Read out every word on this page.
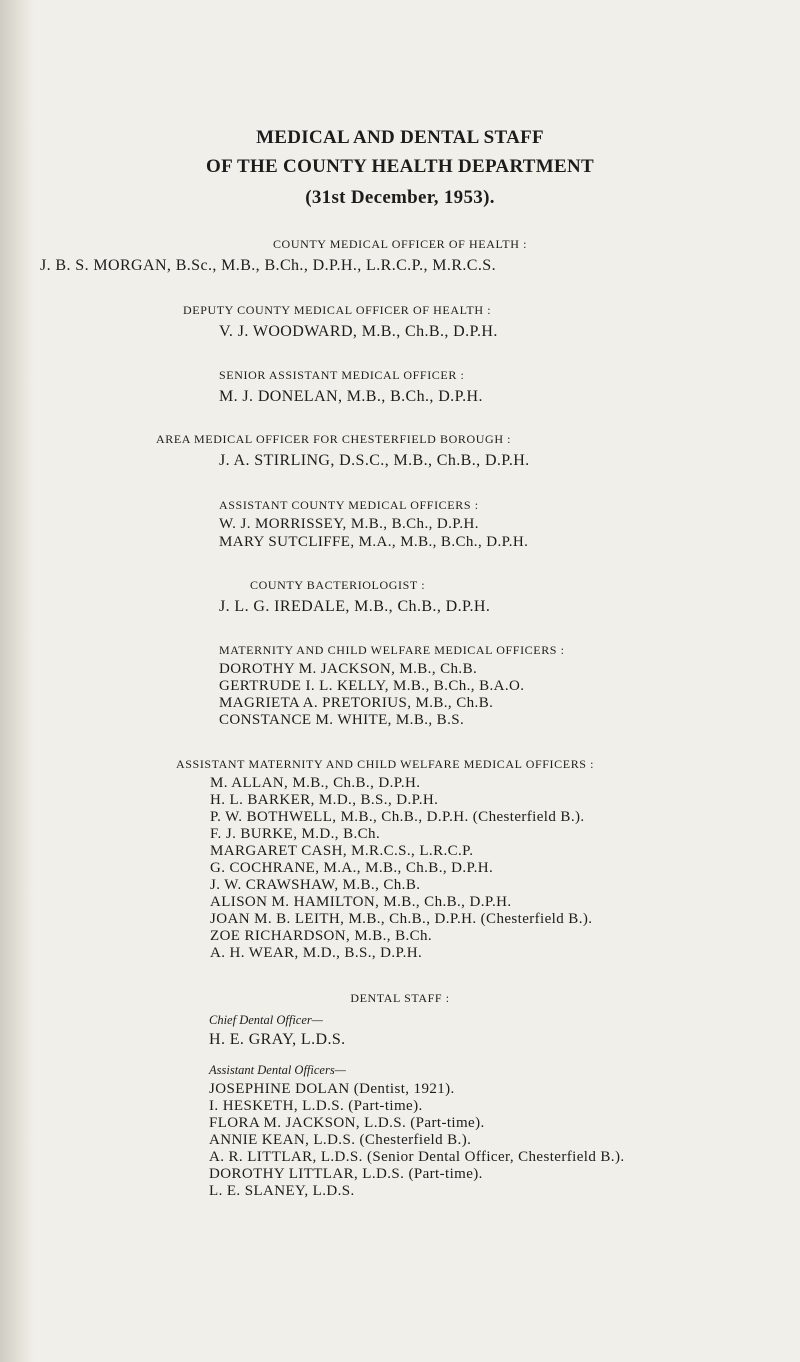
MEDICAL AND DENTAL STAFF
OF THE COUNTY HEALTH DEPARTMENT
(31st December, 1953).
COUNTY MEDICAL OFFICER OF HEALTH :
J. B. S. MORGAN, B.Sc., M.B., B.Ch., D.P.H., L.R.C.P., M.R.C.S.
DEPUTY COUNTY MEDICAL OFFICER OF HEALTH :
V. J. WOODWARD, M.B., Ch.B., D.P.H.
SENIOR ASSISTANT MEDICAL OFFICER :
M. J. DONELAN, M.B., B.Ch., D.P.H.
AREA MEDICAL OFFICER FOR CHESTERFIELD BOROUGH :
J. A. STIRLING, D.S.C., M.B., Ch.B., D.P.H.
ASSISTANT COUNTY MEDICAL OFFICERS :
W. J. MORRISSEY, M.B., B.Ch., D.P.H.
MARY SUTCLIFFE, M.A., M.B., B.Ch., D.P.H.
COUNTY BACTERIOLOGIST :
J. L. G. IREDALE, M.B., Ch.B., D.P.H.
MATERNITY AND CHILD WELFARE MEDICAL OFFICERS :
DOROTHY M. JACKSON, M.B., Ch.B.
GERTRUDE I. L. KELLY, M.B., B.Ch., B.A.O.
MAGRIETA A. PRETORIUS, M.B., Ch.B.
CONSTANCE M. WHITE, M.B., B.S.
ASSISTANT MATERNITY AND CHILD WELFARE MEDICAL OFFICERS :
M. ALLAN, M.B., Ch.B., D.P.H.
H. L. BARKER, M.D., B.S., D.P.H.
P. W. BOTHWELL, M.B., Ch.B., D.P.H. (Chesterfield B.).
F. J. BURKE, M.D., B.Ch.
MARGARET CASH, M.R.C.S., L.R.C.P.
G. COCHRANE, M.A., M.B., Ch.B., D.P.H.
J. W. CRAWSHAW, M.B., Ch.B.
ALISON M. HAMILTON, M.B., Ch.B., D.P.H.
JOAN M. B. LEITH, M.B., Ch.B., D.P.H. (Chesterfield B.).
ZOE RICHARDSON, M.B., B.Ch.
A. H. WEAR, M.D., B.S., D.P.H.
DENTAL STAFF :
Chief Dental Officer—
H. E. GRAY, L.D.S.
Assistant Dental Officers—
JOSEPHINE DOLAN (Dentist, 1921).
I. HESKETH, L.D.S. (Part-time).
FLORA M. JACKSON, L.D.S. (Part-time).
ANNIE KEAN, L.D.S. (Chesterfield B.).
A. R. LITTLAR, L.D.S. (Senior Dental Officer, Chesterfield B.).
DOROTHY LITTLAR, L.D.S. (Part-time).
L. E. SLANEY, L.D.S.
